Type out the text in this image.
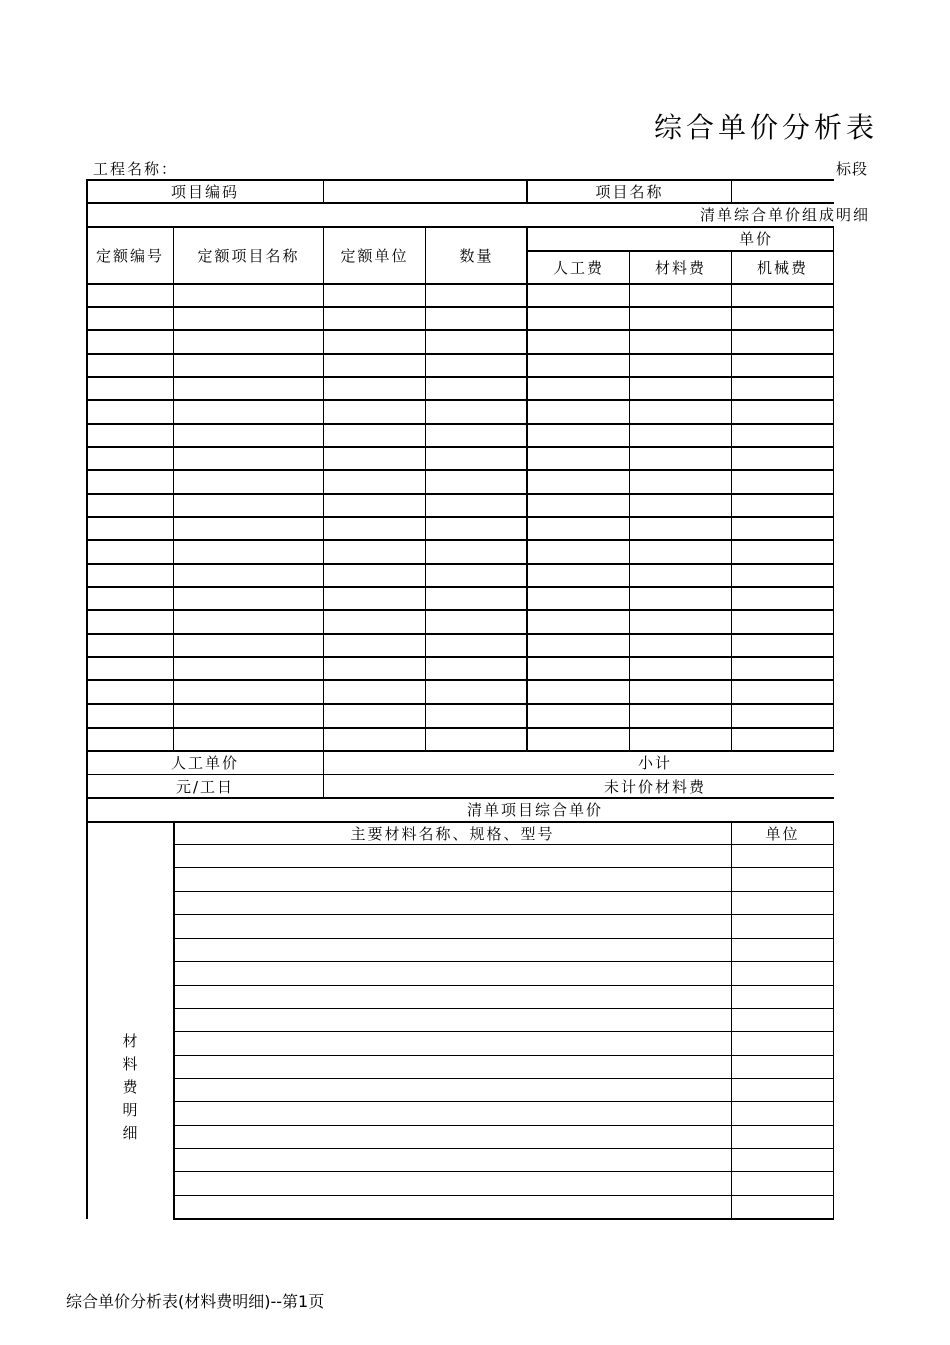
综合单价分析表
工程名称：	标段
项目编码	项目名称
清单综合单价组成明细
定额编号	定额项目名称	定额单位	数量
单价
人工费	材料费	机械费
人工单价	小计
元/工日	未计价材料费
清单项目综合单价
主要材料名称、规格、型号	单位
材
料
费
明
细
综合单价分析表(材料费明细)--第1页
